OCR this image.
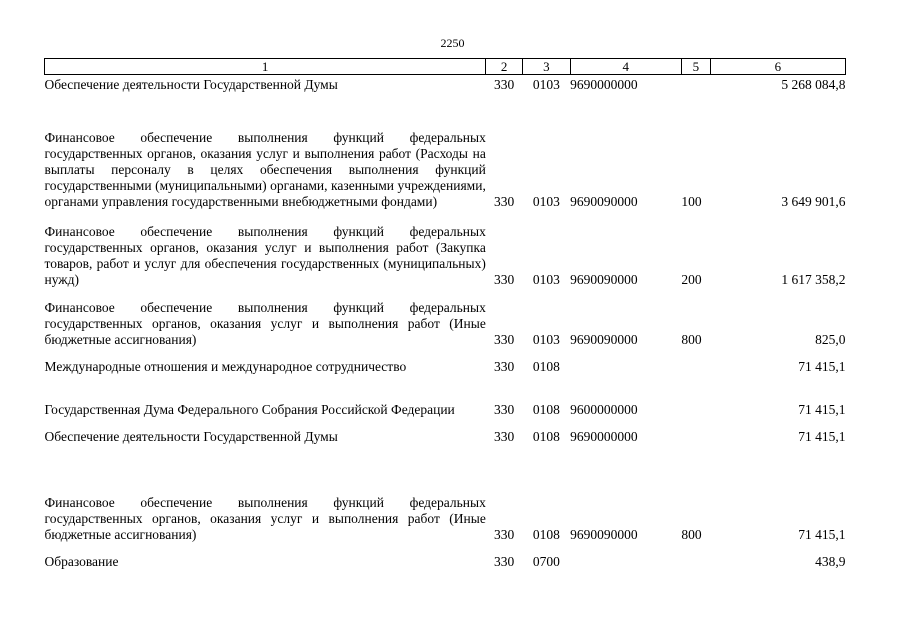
2250
1	2	3	4	5	6
Обеспечение деятельности Государственной Думы	330	0103	9690000000		5 268 084,8
Финансовое обеспечение выполнения функций федеральных государственных органов, оказания услуг и выполнения работ (Расходы на выплаты персоналу в целях обеспечения выполнения функций государственными (муниципальными) органами, казенными учреждениями, органами управления государственными внебюджетными фондами)	330	0103	9690090000	100	3 649 901,6
Финансовое обеспечение выполнения функций федеральных государственных органов, оказания услуг и выполнения работ (Закупка товаров, работ и услуг для обеспечения государственных (муниципальных) нужд)	330	0103	9690090000	200	1 617 358,2
Финансовое обеспечение выполнения функций федеральных государственных органов, оказания услуг и выполнения работ (Иные бюджетные ассигнования)	330	0103	9690090000	800	825,0
Международные отношения и международное сотрудничество	330	0108			71 415,1
Государственная Дума Федерального Собрания Российской Федерации	330	0108	9600000000		71 415,1
Обеспечение деятельности Государственной Думы	330	0108	9690000000		71 415,1
Финансовое обеспечение выполнения функций федеральных государственных органов, оказания услуг и выполнения работ (Иные бюджетные ассигнования)	330	0108	9690090000	800	71 415,1
Образование	330	0700			438,9
